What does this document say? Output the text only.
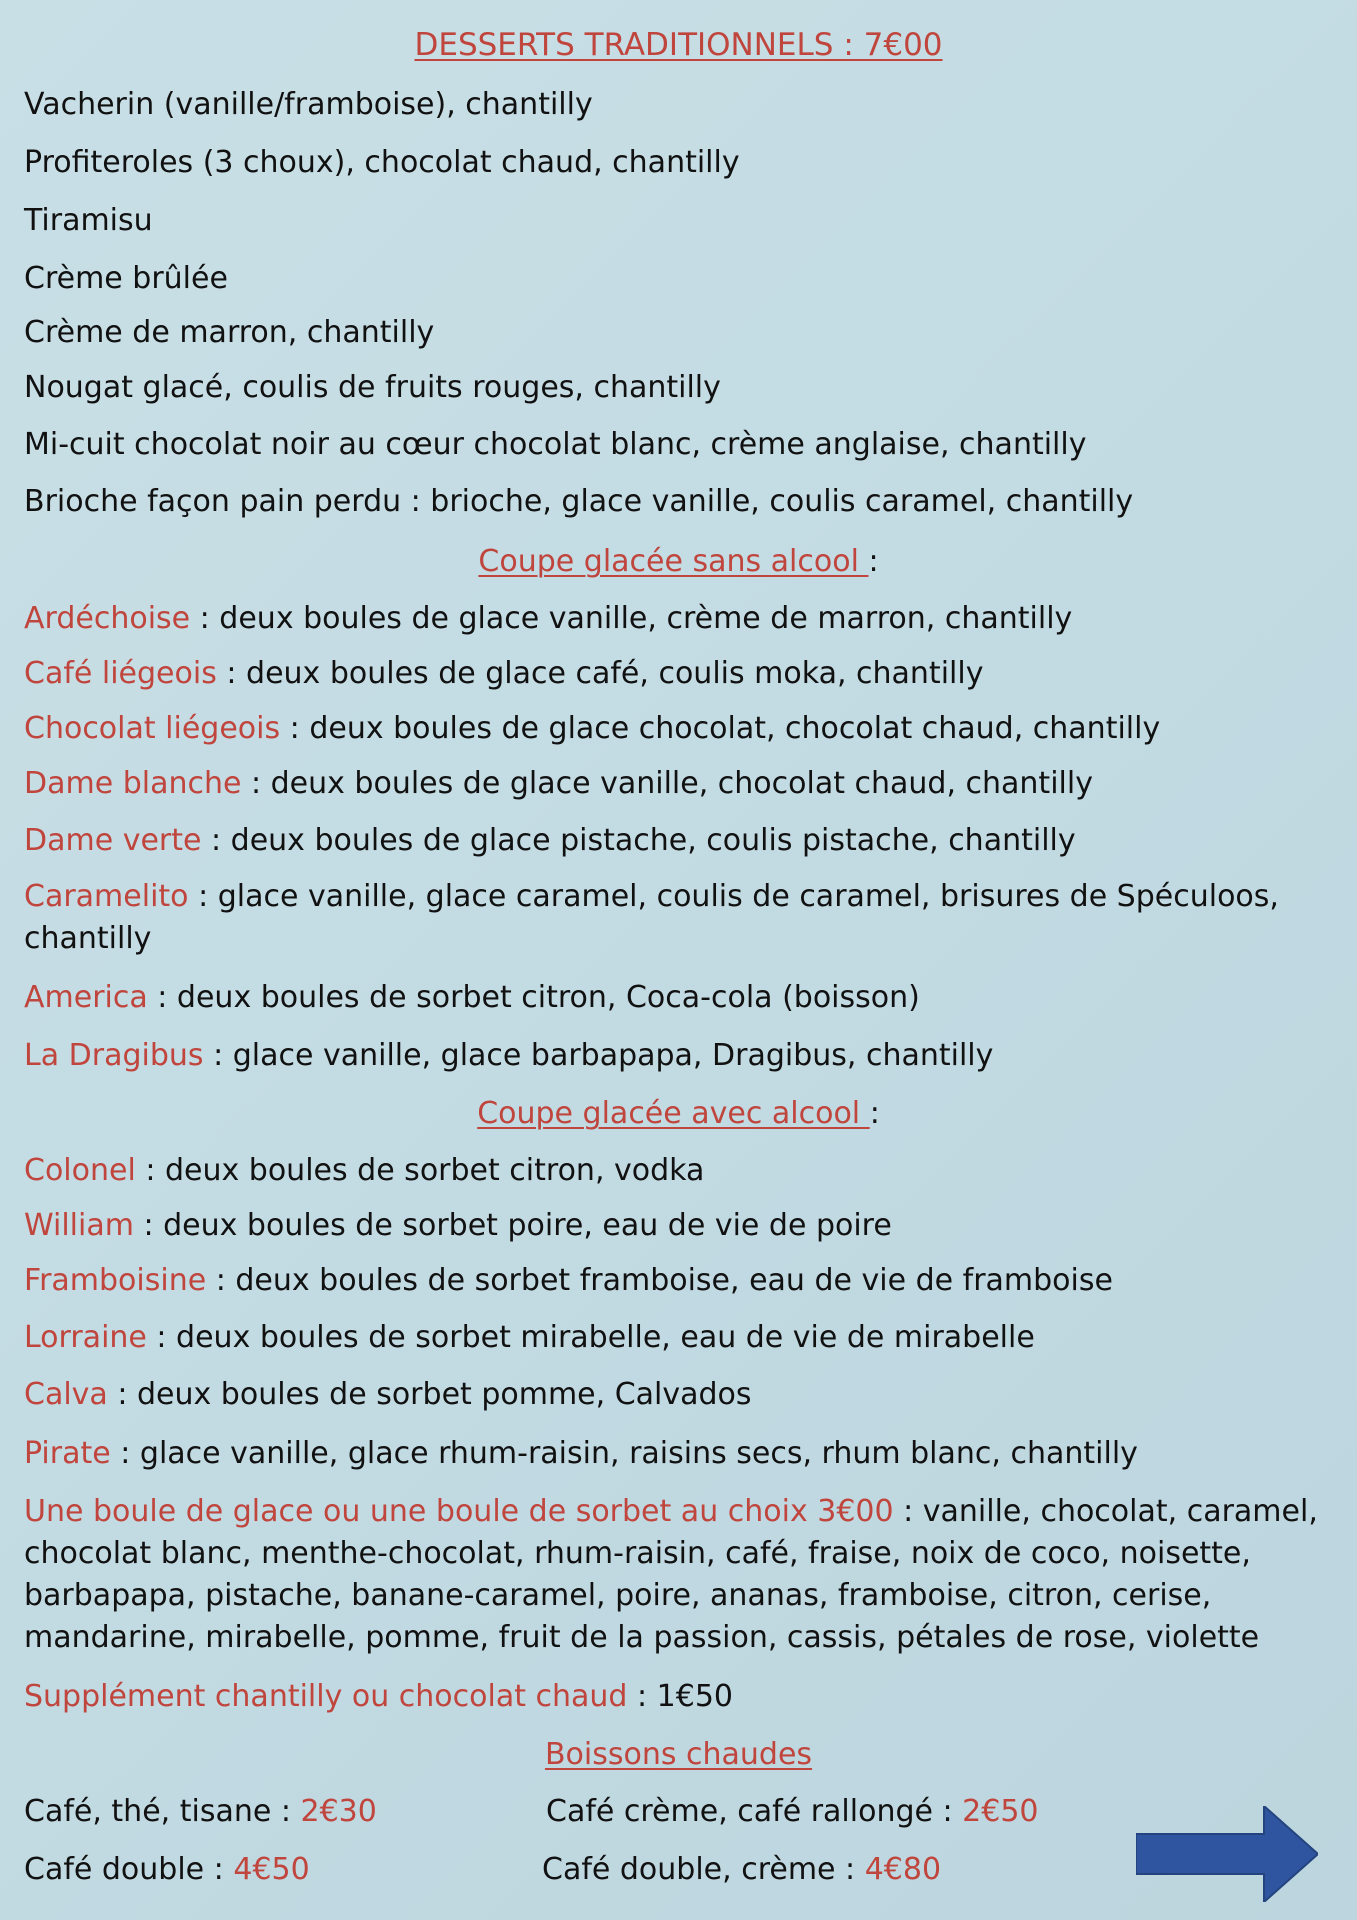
DESSERTS TRADITIONNELS : 7€00
Vacherin (vanille/framboise), chantilly
Profiteroles (3 choux), chocolat chaud, chantilly
Tiramisu
Crème brûlée
Crème de marron, chantilly
Nougat glacé, coulis de fruits rouges, chantilly
Mi-cuit chocolat noir au cœur chocolat blanc, crème anglaise, chantilly
Brioche façon pain perdu : brioche, glace vanille, coulis caramel, chantilly
Coupe glacée sans alcool :
Ardéchoise : deux boules de glace vanille, crème de marron, chantilly
Café liégeois : deux boules de glace café, coulis moka, chantilly
Chocolat liégeois : deux boules de glace chocolat, chocolat chaud, chantilly
Dame blanche : deux boules de glace vanille, chocolat chaud, chantilly
Dame verte : deux boules de glace pistache, coulis pistache, chantilly
Caramelito : glace vanille, glace caramel, coulis de caramel, brisures de Spéculoos, chantilly
America : deux boules de sorbet citron, Coca-cola (boisson)
La Dragibus : glace vanille, glace barbapapa, Dragibus, chantilly
Coupe glacée avec alcool :
Colonel : deux boules de sorbet citron, vodka
William : deux boules de sorbet poire, eau de vie de poire
Framboisine : deux boules de sorbet framboise, eau de vie de framboise
Lorraine : deux boules de sorbet mirabelle, eau de vie de mirabelle
Calva : deux boules de sorbet pomme, Calvados
Pirate : glace vanille, glace rhum-raisin, raisins secs, rhum blanc, chantilly
Une boule de glace ou une boule de sorbet au choix 3€00 : vanille, chocolat, caramel, chocolat blanc, menthe-chocolat, rhum-raisin, café, fraise, noix de coco, noisette, barbapapa, pistache, banane-caramel, poire, ananas, framboise, citron, cerise, mandarine, mirabelle, pomme, fruit de la passion, cassis, pétales de rose, violette
Supplément chantilly ou chocolat chaud : 1€50
Boissons chaudes
Café, thé, tisane : 2€30	Café crème, café rallongé : 2€50
Café double : 4€50	Café double, crème : 4€80
